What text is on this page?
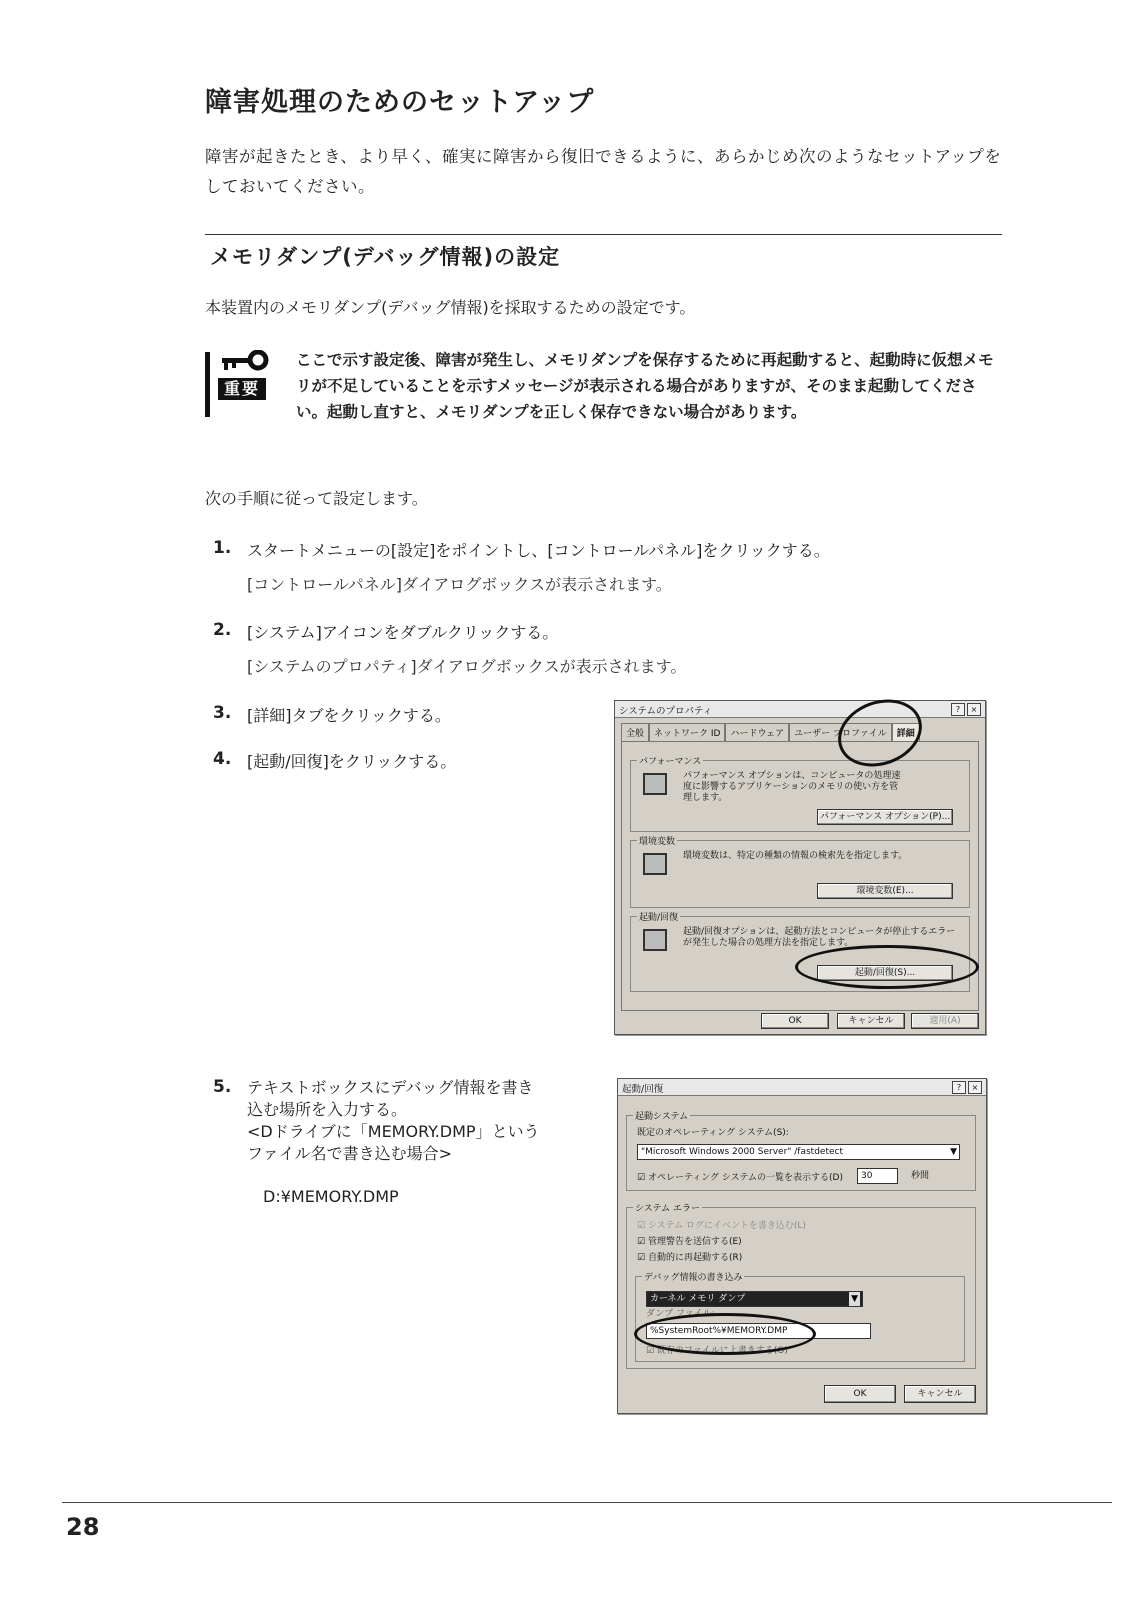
障害処理のためのセットアップ
障害が起きたとき、より早く、確実に障害から復旧できるように、あらかじめ次のようなセットアップをしておいてください。
メモリダンプ(デバッグ情報)の設定
本装置内のメモリダンプ(デバッグ情報)を採取するための設定です。
重要
ここで示す設定後、障害が発生し、メモリダンプを保存するために再起動すると、起動時に仮想メモリが不足していることを示すメッセージが表示される場合がありますが、そのまま起動してください。起動し直すと、メモリダンプを正しく保存できない場合があります。
次の手順に従って設定します。
1. スタートメニューの[設定]をポイントし、[コントロールパネル]をクリックする。
[コントロールパネル]ダイアログボックスが表示されます。
2. [システム]アイコンをダブルクリックする。
[システムのプロパティ]ダイアログボックスが表示されます。
3. [詳細]タブをクリックする。
4. [起動/回復]をクリックする。
5. テキストボックスにデバッグ情報を書き
込む場所を入力する。
<Dドライブに「MEMORY.DMP」という
ファイル名で書き込む場合>
D:¥MEMORY.DMP
システムのプロパティ	?	×
全般	ネットワーク ID	ハードウェア	ユーザー プロファイル	詳細
パフォーマンス
パフォーマンス オプションは、コンピュータの処理速度に影響するアプリケーションのメモリの使い方を管理します。
パフォーマンス オプション(P)...
環境変数
環境変数は、特定の種類の情報の検索先を指定します。
環境変数(E)...
起動/回復
起動/回復オプションは、起動方法とコンピュータが停止するエラーが発生した場合の処理方法を指定します。
起動/回復(S)...
OK	キャンセル	適用(A)
起動/回復	?	×
起動システム
既定のオペレーティング システム(S):
"Microsoft Windows 2000 Server" /fastdetect	▼
☑ オペレーティング システムの一覧を表示する(D)	30	秒間
システム エラー
☑ システム ログにイベントを書き込む(L)
☑ 管理警告を送信する(E)
☑ 自動的に再起動する(R)
デバッグ情報の書き込み
カーネル メモリ ダンプ	▼
ダンプ ファイル:
%SystemRoot%¥MEMORY.DMP
☑ 既存のファイルに上書きする(O)
OK	キャンセル
28
